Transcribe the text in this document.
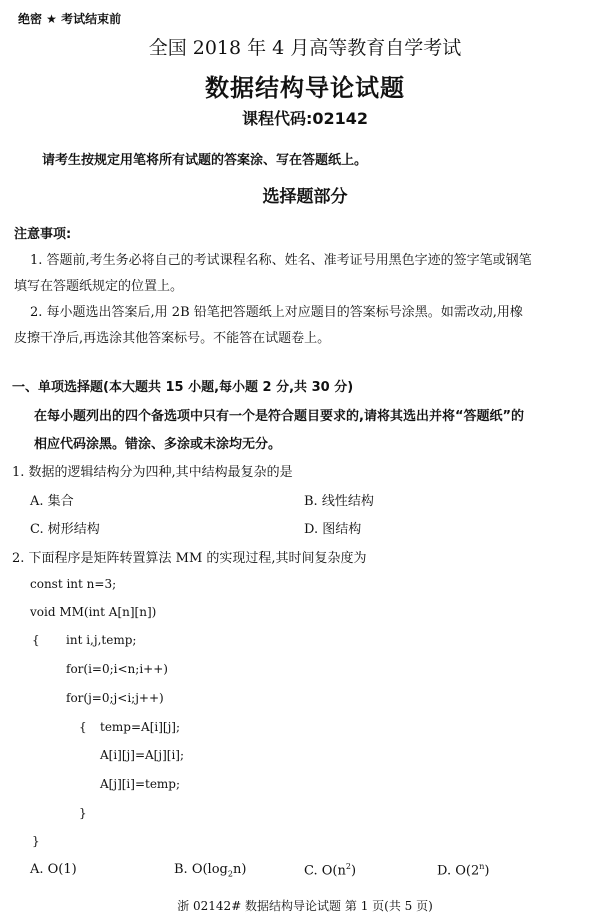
绝密 ★ 考试结束前
全国 2018 年 4 月高等教育自学考试
数据结构导论试题
课程代码:02142
请考生按规定用笔将所有试题的答案涂、写在答题纸上。
选择题部分
注意事项:
1. 答题前,考生务必将自己的考试课程名称、姓名、准考证号用黑色字迹的签字笔或钢笔
填写在答题纸规定的位置上。
2. 每小题选出答案后,用 2B 铅笔把答题纸上对应题目的答案标号涂黑。如需改动,用橡
皮擦干净后,再选涂其他答案标号。不能答在试题卷上。
一、单项选择题(本大题共 15 小题,每小题 2 分,共 30 分)
在每小题列出的四个备选项中只有一个是符合题目要求的,请将其选出并将“答题纸”的
相应代码涂黑。错涂、多涂或未涂均无分。
1. 数据的逻辑结构分为四种,其中结构最复杂的是
A. 集合	B. 线性结构
C. 树形结构	D. 图结构
2. 下面程序是矩阵转置算法 MM 的实现过程,其时间复杂度为
const int n=3;
void MM(int A[n][n])
{ int i,j,temp;
for(i=0;i<n;i++)
for(j=0;j<i;j++)
{ temp=A[i][j];
A[i][j]=A[j][i];
A[j][i]=temp;
}
}
A. O(1)	B. $O(\log_2n)$	C. $O(n^2)$	D. O(2$^n$)
浙 02142# 数据结构导论试题 第 1 页(共 5 页)
